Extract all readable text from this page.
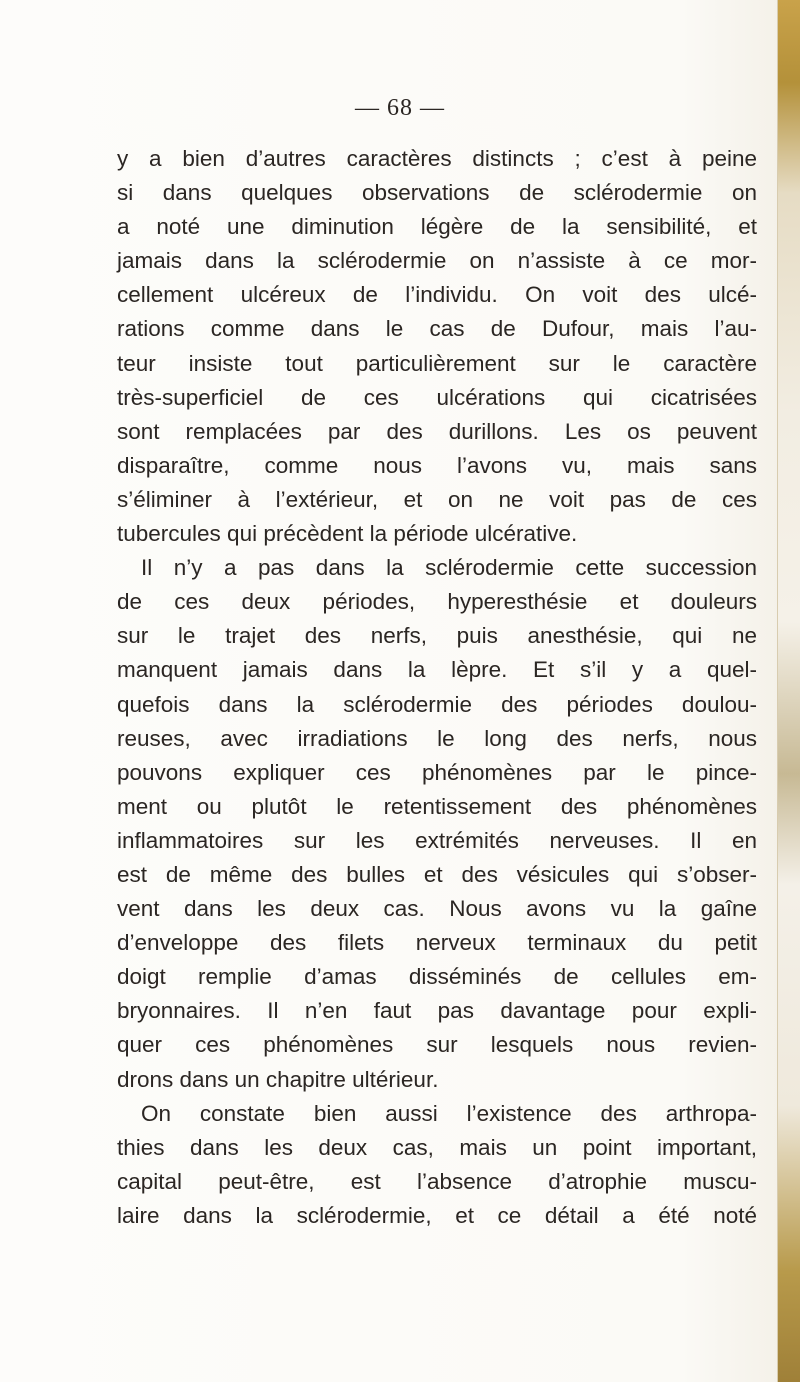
— 68 —
y a bien d’autres caractères distincts ; c’est à peine
si dans quelques observations de sclérodermie on
a noté une diminution légère de la sensibilité, et
jamais dans la sclérodermie on n’assiste à ce mor-
cellement ulcéreux de l’individu. On voit des ulcé-
rations comme dans le cas de Dufour, mais l’au-
teur insiste tout particulièrement sur le caractère
très-superficiel de ces ulcérations qui cicatrisées
sont remplacées par des durillons. Les os peuvent
disparaître, comme nous l’avons vu, mais sans
s’éliminer à l’extérieur, et on ne voit pas de ces
tubercules qui précèdent la période ulcérative.
Il n’y a pas dans la sclérodermie cette succession
de ces deux périodes, hyperesthésie et douleurs
sur le trajet des nerfs, puis anesthésie, qui ne
manquent jamais dans la lèpre. Et s’il y a quel-
quefois dans la sclérodermie des périodes doulou-
reuses, avec irradiations le long des nerfs, nous
pouvons expliquer ces phénomènes par le pince-
ment ou plutôt le retentissement des phénomènes
inflammatoires sur les extrémités nerveuses. Il en
est de même des bulles et des vésicules qui s’obser-
vent dans les deux cas. Nous avons vu la gaîne
d’enveloppe des filets nerveux terminaux du petit
doigt remplie d’amas disséminés de cellules em-
bryonnaires. Il n’en faut pas davantage pour expli-
quer ces phénomènes sur lesquels nous revien-
drons dans un chapitre ultérieur.
On constate bien aussi l’existence des arthropa-
thies dans les deux cas, mais un point important,
capital peut-être, est l’absence d’atrophie muscu-
laire dans la sclérodermie, et ce détail a été noté
